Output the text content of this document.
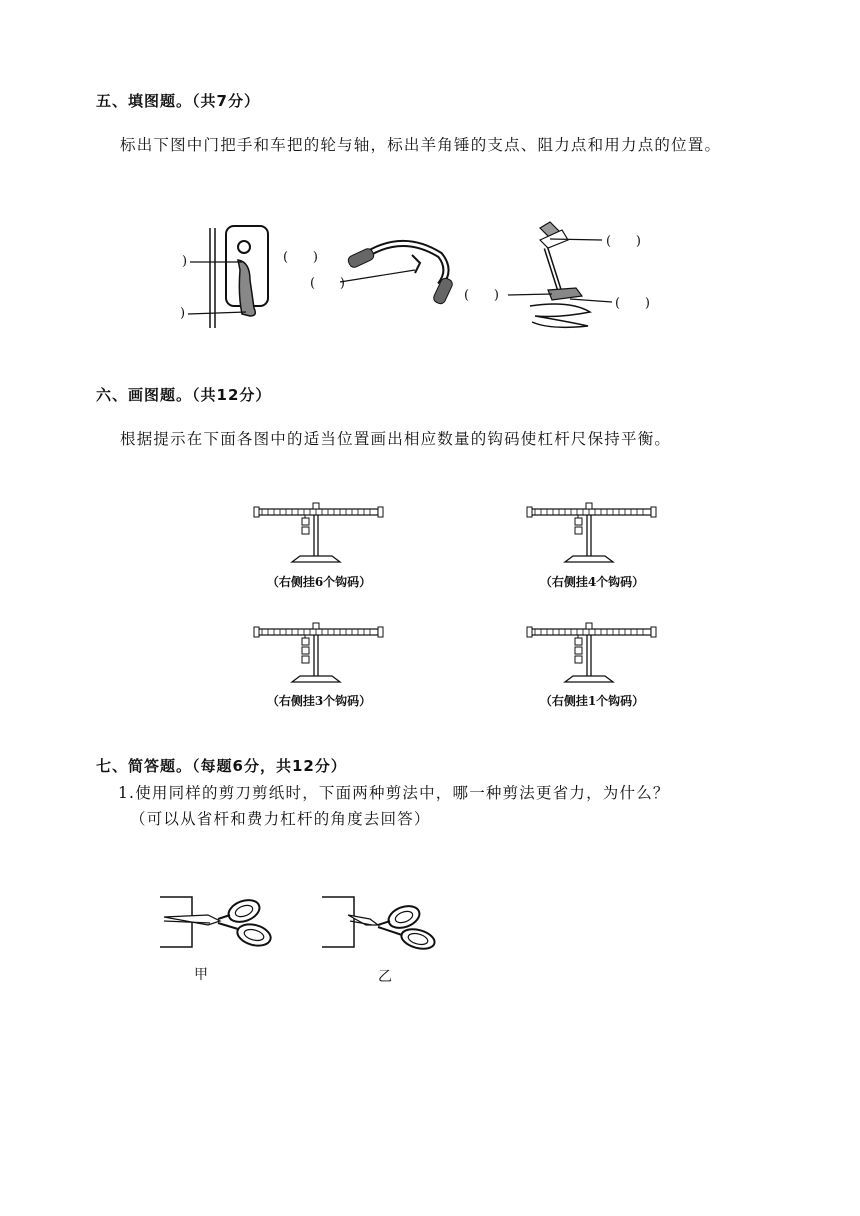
五、填图题。（共7分）
标出下图中门把手和车把的轮与轴，标出羊角锤的支点、阻力点和用力点的位置。
)
)
(      )
(      )
(      )
(      )
(      )
六、画图题。（共12分）
根据提示在下面各图中的适当位置画出相应数量的钩码使杠杆尺保持平衡。
（右侧挂6个钩码）	（右侧挂4个钩码）
（右侧挂3个钩码）	（右侧挂1个钩码）
七、简答题。（每题6分，共12分）
1.使用同样的剪刀剪纸时，下面两种剪法中，哪一种剪法更省力，为什么？
（可以从省杆和费力杠杆的角度去回答）
甲	乙
